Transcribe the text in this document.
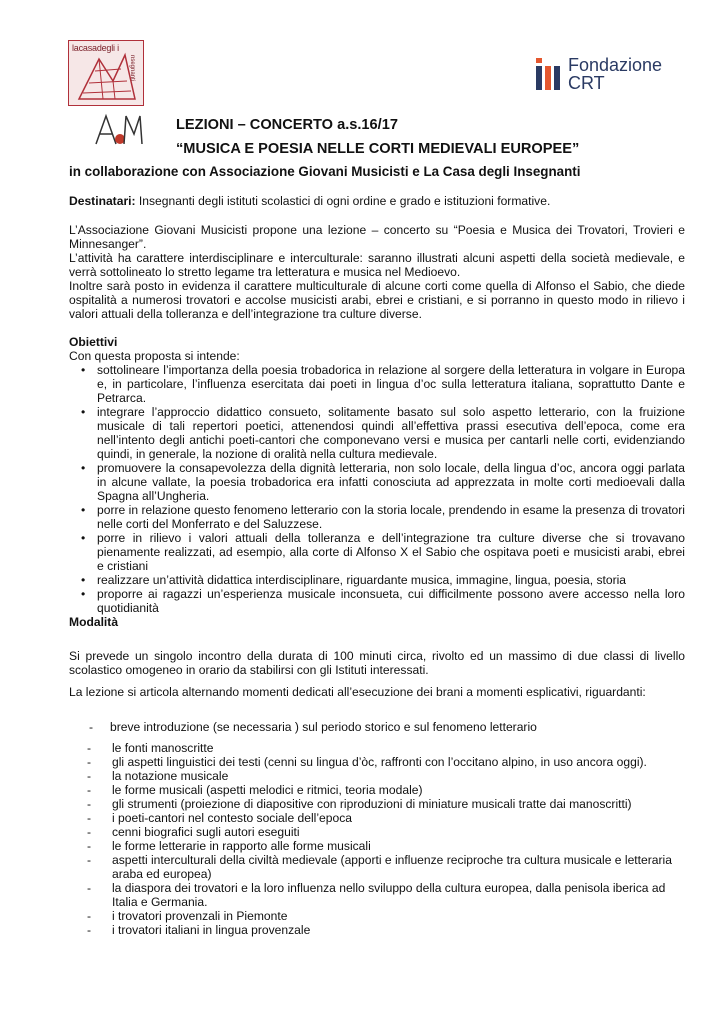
lacasadegli i
nsegnanti	Fondazione
CRT
LEZIONI – CONCERTO a.s.16/17
“MUSICA E POESIA NELLE CORTI MEDIEVALI EUROPEE”
in collaborazione con Associazione Giovani Musicisti e La Casa degli Insegnanti
Destinatari: Insegnanti degli istituti scolastici di ogni ordine e grado e istituzioni formative.
L’Associazione Giovani Musicisti propone una lezione – concerto su “Poesia e Musica dei Trovatori, Trovieri e Minnesanger”.
L’attività ha carattere interdisciplinare e interculturale: saranno illustrati alcuni aspetti della società medievale, e verrà sottolineato lo stretto legame tra letteratura e musica nel Medioevo.
Inoltre sarà posto in evidenza il carattere multiculturale di alcune corti come quella di Alfonso el Sabio, che diede ospitalità a numerosi trovatori e accolse musicisti arabi, ebrei e cristiani, e si porranno in questo modo in rilievo i valori attuali della tolleranza e dell’integrazione tra culture diverse.
Obiettivi
Con questa proposta si intende:
• sottolineare l’importanza della poesia trobadorica in relazione al sorgere della letteratura in volgare in Europa e, in particolare, l’influenza esercitata dai poeti in lingua d’oc sulla letteratura italiana, soprattutto Dante e Petrarca.
• integrare l’approccio didattico consueto, solitamente basato sul solo aspetto letterario, con la fruizione musicale di tali repertori poetici, attenendosi quindi all’effettiva prassi esecutiva dell’epoca, come era nell’intento degli antichi poeti-cantori che componevano versi e musica per cantarli nelle corti, evidenziando quindi, in generale, la nozione di oralità nella cultura medievale.
• promuovere la consapevolezza della dignità letteraria, non solo locale, della lingua d’oc, ancora oggi parlata in alcune vallate, la poesia trobadorica era infatti conosciuta ad apprezzata in molte corti medioevali dalla Spagna all’Ungheria.
• porre in relazione questo fenomeno letterario con la storia locale, prendendo in esame la presenza di trovatori nelle corti del Monferrato e del Saluzzese.
• porre in rilievo i valori attuali della tolleranza e dell’integrazione tra culture diverse che si trovavano pienamente realizzati, ad esempio, alla corte di Alfonso X el Sabio che ospitava poeti e musicisti arabi, ebrei e cristiani
• realizzare un’attività didattica interdisciplinare, riguardante musica, immagine, lingua, poesia, storia
• proporre ai ragazzi un’esperienza musicale inconsueta, cui difficilmente possono avere accesso nella loro quotidianità
Modalità
Si prevede un singolo incontro della durata di 100 minuti circa, rivolto ed un massimo di due classi di livello scolastico omogeneo in orario da stabilirsi con gli Istituti interessati.
La lezione si articola alternando momenti dedicati all’esecuzione dei brani a momenti esplicativi, riguardanti:
- breve introduzione (se necessaria ) sul periodo storico e sul fenomeno letterario
- le fonti manoscritte
- gli aspetti linguistici dei testi (cenni su lingua d’òc, raffronti con l’occitano alpino, in uso ancora oggi).
- la notazione musicale
- le forme musicali (aspetti melodici e ritmici, teoria modale)
- gli strumenti (proiezione di diapositive con riproduzioni di miniature musicali tratte dai manoscritti)
- i poeti-cantori nel contesto sociale dell’epoca
- cenni biografici sugli autori eseguiti
- le forme letterarie in rapporto alle forme musicali
- aspetti interculturali della civiltà medievale (apporti e influenze reciproche tra cultura musicale e letteraria araba ed europea)
- la diaspora dei trovatori e la loro influenza nello sviluppo della cultura europea, dalla penisola iberica ad Italia e Germania.
- i trovatori provenzali in Piemonte
- i trovatori italiani in lingua provenzale
